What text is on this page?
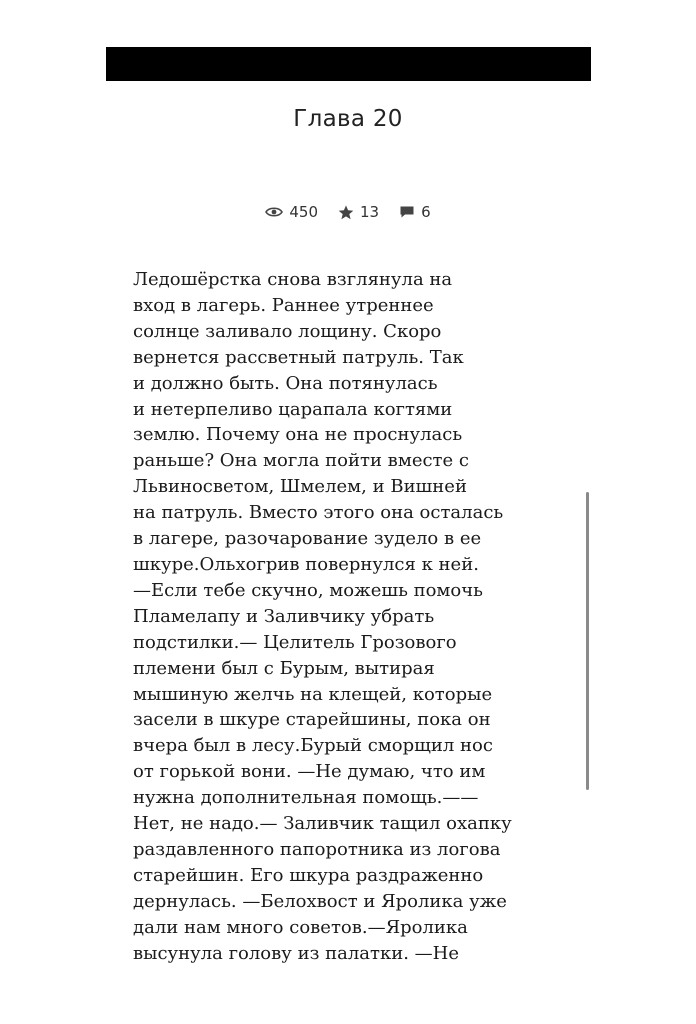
Глава 20
450	13	6
Ледошёрстка снова взглянула на
вход в лагерь. Раннее утреннее
солнце заливало лощину. Скоро
вернется рассветный патруль. Так
и должно быть. Она потянулась
и нетерпеливо царапала когтями
землю. Почему она не проснулась
раньше? Она могла пойти вместе с
Львиносветом, Шмелем, и Вишней
на патруль. Вместо этого она осталась
в лагере, разочарование зудело в ее
шкуре.Ольхогрив повернулся к ней.
—Если тебе скучно, можешь помочь
Пламелапу и Заливчику убрать
подстилки.— Целитель Грозового
племени был с Бурым, вытирая
мышиную желчь на клещей, которые
засели в шкуре старейшины, пока он
вчера был в лесу.Бурый сморщил нос
от горькой вони. —Не думаю, что им
нужна дополнительная помощь.——
Нет, не надо.— Заливчик тащил охапку
раздавленного папоротника из логова
старейшин. Его шкура раздраженно
дернулась. —Белохвост и Яролика уже
дали нам много советов.—Яролика
высунула голову из палатки. —Не
